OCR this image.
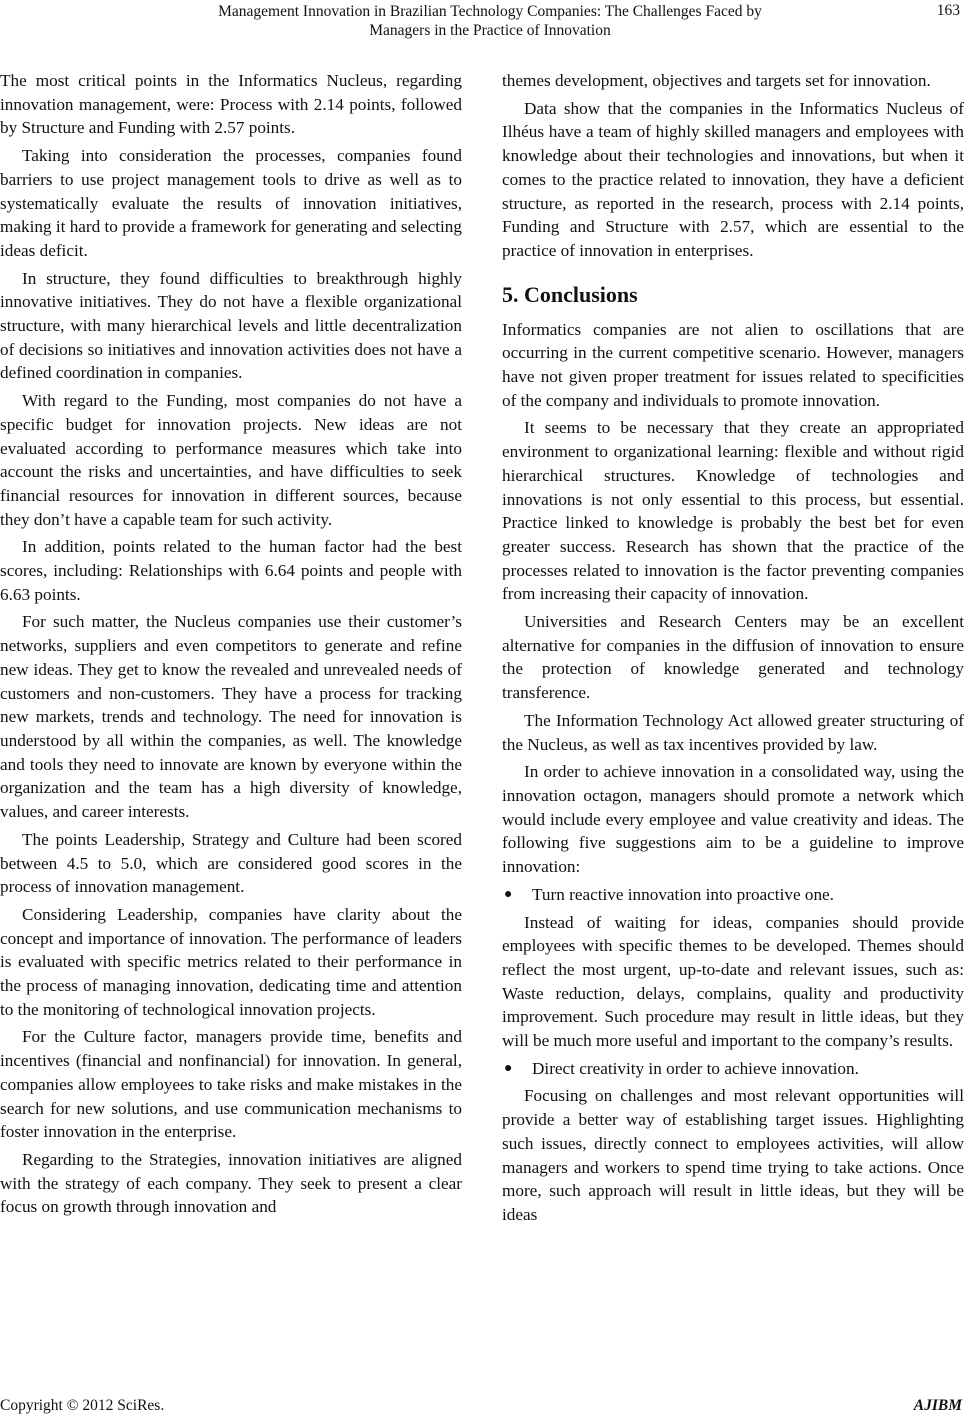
Management Innovation in Brazilian Technology Companies: The Challenges Faced by
Managers in the Practice of Innovation
163

The most critical points in the Informatics Nucleus, regarding innovation management, were: Process with 2.14 points, followed by Structure and Funding with 2.57 points.

Taking into consideration the processes, companies found barriers to use project management tools to drive as well as to systematically evaluate the results of innovation initiatives, making it hard to provide a framework for generating and selecting ideas deficit.

In structure, they found difficulties to breakthrough highly innovative initiatives. They do not have a flexible organizational structure, with many hierarchical levels and little decentralization of decisions so initiatives and innovation activities does not have a defined coordination in companies.

With regard to the Funding, most companies do not have a specific budget for innovation projects. New ideas are not evaluated according to performance measures which take into account the risks and uncertainties, and have difficulties to seek financial resources for innovation in different sources, because they don’t have a capable team for such activity.

In addition, points related to the human factor had the best scores, including: Relationships with 6.64 points and people with 6.63 points.

For such matter, the Nucleus companies use their customer’s networks, suppliers and even competitors to generate and refine new ideas. They get to know the revealed and unrevealed needs of customers and non-customers. They have a process for tracking new markets, trends and technology. The need for innovation is understood by all within the companies, as well. The knowledge and tools they need to innovate are known by everyone within the organization and the team has a high diversity of knowledge, values, and career interests.

The points Leadership, Strategy and Culture had been scored between 4.5 to 5.0, which are considered good scores in the process of innovation management.

Considering Leadership, companies have clarity about the concept and importance of innovation. The performance of leaders is evaluated with specific metrics related to their performance in the process of managing innovation, dedicating time and attention to the monitoring of technological innovation projects.

For the Culture factor, managers provide time, benefits and incentives (financial and nonfinancial) for innovation. In general, companies allow employees to take risks and make mistakes in the search for new solutions, and use communication mechanisms to foster innovation in the enterprise.

Regarding to the Strategies, innovation initiatives are aligned with the strategy of each company. They seek to present a clear focus on growth through innovation and

themes development, objectives and targets set for innovation.

Data show that the companies in the Informatics Nucleus of Ilhéus have a team of highly skilled managers and employees with knowledge about their technologies and innovations, but when it comes to the practice related to innovation, they have a deficient structure, as reported in the research, process with 2.14 points, Funding and Structure with 2.57, which are essential to the practice of innovation in enterprises.

5. Conclusions

Informatics companies are not alien to oscillations that are occurring in the current competitive scenario. However, managers have not given proper treatment for issues related to specificities of the company and individuals to promote innovation.

It seems to be necessary that they create an appropriated environment to organizational learning: flexible and without rigid hierarchical structures. Knowledge of technologies and innovations is not only essential to this process, but essential. Practice linked to knowledge is probably the best bet for even greater success. Research has shown that the practice of the processes related to innovation is the factor preventing companies from increasing their capacity of innovation.

Universities and Research Centers may be an excellent alternative for companies in the diffusion of innovation to ensure the protection of knowledge generated and technology transference.

The Information Technology Act allowed greater structuring of the Nucleus, as well as tax incentives provided by law.

In order to achieve innovation in a consolidated way, using the innovation octagon, managers should promote a network which would include every employee and value creativity and ideas. The following five suggestions aim to be a guideline to improve innovation:

●	Turn reactive innovation into proactive one.

Instead of waiting for ideas, companies should provide employees with specific themes to be developed. Themes should reflect the most urgent, up-to-date and relevant issues, such as: Waste reduction, delays, complains, quality and productivity improvement. Such procedure may result in little ideas, but they will be much more useful and important to the company’s results.

●	Direct creativity in order to achieve innovation.

Focusing on challenges and most relevant opportunities will provide a better way of establishing target issues. Highlighting such issues, directly connect to employees activities, will allow managers and workers to spend time trying to take actions. Once more, such approach will result in little ideas, but they will be ideas

Copyright © 2012 SciRes.	AJIBM
